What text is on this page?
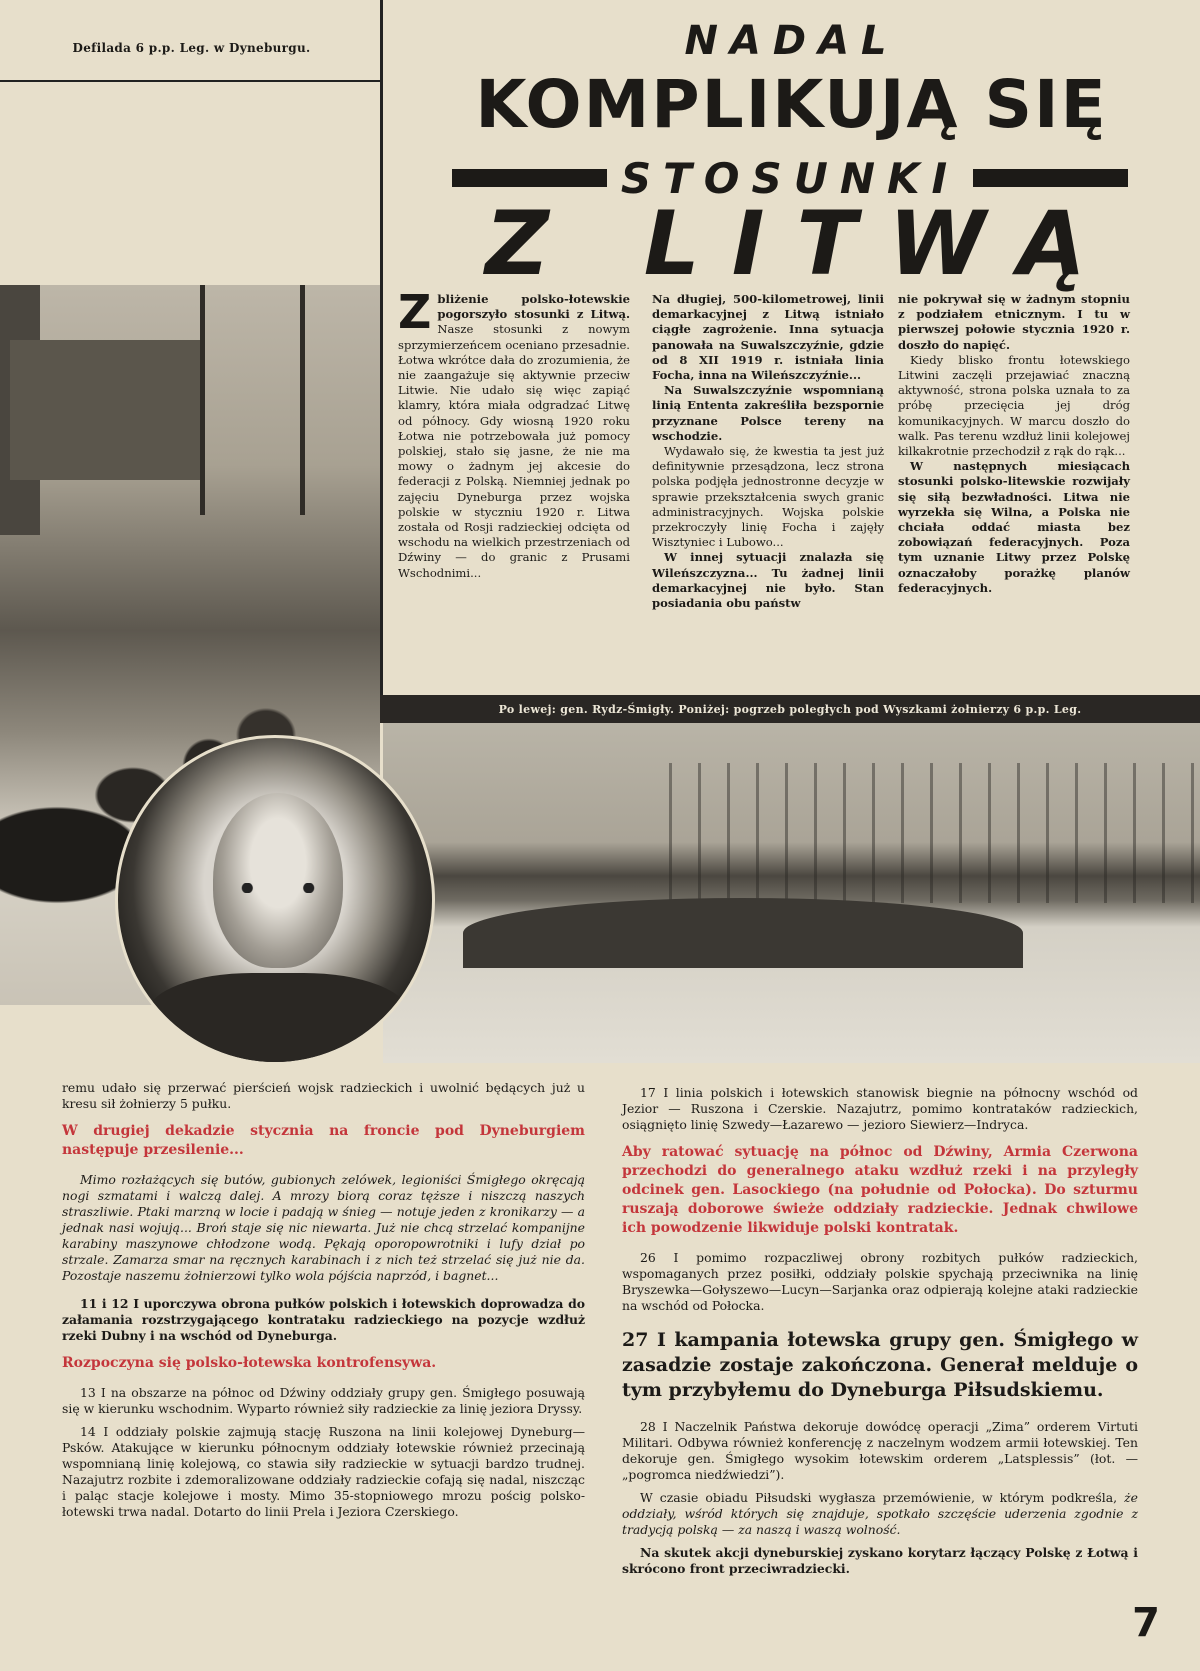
Defilada 6 p.p. Leg. w Dyneburgu.	NADAL
KOMPLIKUJĄ SIĘ
STOSUNKI
Z LITWĄ
Po lewej: gen. Rydz-Śmigły. Poniżej: pogrzeb poległych pod Wyszkami żołnierzy 6 p.p. Leg.

Zbliżenie polsko-łotewskie pogorszyło stosunki z Litwą. Nasze stosunki z nowym sprzymierzeńcem oceniano przesadnie. Łotwa wkrótce dała do zrozumienia, że nie zaangażuje się aktywnie przeciw Litwie. Nie udało się więc zapiąć klamry, która miała odgradzać Litwę od północy. Gdy wiosną 1920 roku Łotwa nie potrzebowała już pomocy polskiej, stało się jasne, że nie ma mowy o żadnym jej akcesie do federacji z Polską. Niemniej jednak po zajęciu Dyneburga przez wojska polskie w styczniu 1920 r. Litwa została od Rosji radzieckiej odcięta od wschodu na wielkich przestrzeniach od Dźwiny — do granic z Prusami Wschodnimi...

Na długiej, 500-kilometrowej, linii demarkacyjnej z Litwą istniało ciągłe zagrożenie. Inna sytuacja panowała na Suwalszczyźnie, gdzie od 8 XII 1919 r. istniała linia Focha, inna na Wileńszczyźnie...

Na Suwalszczyźnie wspomnianą linią Ententa zakreśliła bezspornie przyznane Polsce tereny na wschodzie.

Wydawało się, że kwestia ta jest już definitywnie przesądzona, lecz strona polska podjęła jednostronne decyzje w sprawie przekształcenia swych granic administracyjnych. Wojska polskie przekroczyły linię Focha i zajęły Wisztyniec i Lubowo...

W innej sytuacji znalazła się Wileńszczyzna... Tu żadnej linii demarkacyjnej nie było. Stan posiadania obu państw

nie pokrywał się w żadnym stopniu z podziałem etnicznym. I tu w pierwszej połowie stycznia 1920 r. doszło do napięć.

Kiedy blisko frontu łotewskiego Litwini zaczęli przejawiać znaczną aktywność, strona polska uznała to za próbę przecięcia jej dróg komunikacyjnych. W marcu doszło do walk. Pas terenu wzdłuż linii kolejowej kilkakrotnie przechodził z rąk do rąk...

W następnych miesiącach stosunki polsko-litewskie rozwijały się siłą bezwładności. Litwa nie wyrzekła się Wilna, a Polska nie chciała oddać miasta bez zobowiązań federacyjnych. Poza tym uznanie Litwy przez Polskę oznaczałoby porażkę planów federacyjnych.

remu udało się przerwać pierścień wojsk radzieckich i uwolnić będących już u kresu sił żołnierzy 5 pułku.

W drugiej dekadzie stycznia na froncie pod Dyneburgiem następuje przesilenie...

Mimo rozłażących się butów, gubionych zelówek, legioniści Śmigłego okręcają nogi szmatami i walczą dalej. A mrozy biorą coraz tęższe i niszczą naszych straszliwie. Ptaki marzną w locie i padają w śnieg — notuje jeden z kronikarzy — a jednak nasi wojują... Broń staje się nic niewarta. Już nie chcą strzelać kompanijne karabiny maszynowe chłodzone wodą. Pękają oporopowrotniki i lufy dział po strzale. Zamarza smar na ręcznych karabinach i z nich też strzelać się już nie da. Pozostaje naszemu żołnierzowi tylko wola pójścia naprzód, i bagnet...

11 i 12 I uporczywa obrona pułków polskich i łotewskich doprowadza do załamania rozstrzygającego kontrataku radzieckiego na pozycje wzdłuż rzeki Dubny i na wschód od Dyneburga.

Rozpoczyna się polsko-łotewska kontrofensywa.

13 I na obszarze na północ od Dźwiny oddziały grupy gen. Śmigłego posuwają się w kierunku wschodnim. Wyparto również siły radzieckie za linię jeziora Dryssy.

14 I oddziały polskie zajmują stację Ruszona na linii kolejowej Dyneburg—Psków. Atakujące w kierunku północnym oddziały łotewskie również przecinają wspomnianą linię kolejową, co stawia siły radzieckie w sytuacji bardzo trudnej. Nazajutrz rozbite i zdemoralizowane oddziały radzieckie cofają się nadal, niszcząc i paląc stacje kolejowe i mosty. Mimo 35-stopniowego mrozu pościg polsko-łotewski trwa nadal. Dotarto do linii Prela i Jeziora Czerskiego.

17 I linia polskich i łotewskich stanowisk biegnie na północny wschód od Jezior — Ruszona i Czerskie. Nazajutrz, pomimo kontrataków radzieckich, osiągnięto linię Szwedy—Łazarewo — jezioro Siewierz—Indryca.

Aby ratować sytuację na północ od Dźwiny, Armia Czerwona przechodzi do generalnego ataku wzdłuż rzeki i na przyległy odcinek gen. Lasockiego (na południe od Połocka). Do szturmu ruszają doborowe świeże oddziały radzieckie. Jednak chwilowe ich powodzenie likwiduje polski kontratak.

26 I pomimo rozpaczliwej obrony rozbitych pułków radzieckich, wspomaganych przez posiłki, oddziały polskie spychają przeciwnika na linię Bryszewka—Gołyszewo—Lucyn—Sarjanka oraz odpierają kolejne ataki radzieckie na wschód od Połocka.

27 I kampania łotewska grupy gen. Śmigłego w zasadzie zostaje zakończona. Generał melduje o tym przybyłemu do Dyneburga Piłsudskiemu.

28 I Naczelnik Państwa dekoruje dowódcę operacji „Zima” orderem Virtuti Militari. Odbywa również konferencję z naczelnym wodzem armii łotewskiej. Ten dekoruje gen. Śmigłego wysokim łotewskim orderem „Latsplessis” (łot. — „pogromca niedźwiedzi”).

W czasie obiadu Piłsudski wygłasza przemówienie, w którym podkreśla, że oddziały, wśród których się znajduje, spotkało szczęście uderzenia zgodnie z tradycją polską — za naszą i waszą wolność.

Na skutek akcji dyneburskiej zyskano korytarz łączący Polskę z Łotwą i skrócono front przeciwradziecki.

7
